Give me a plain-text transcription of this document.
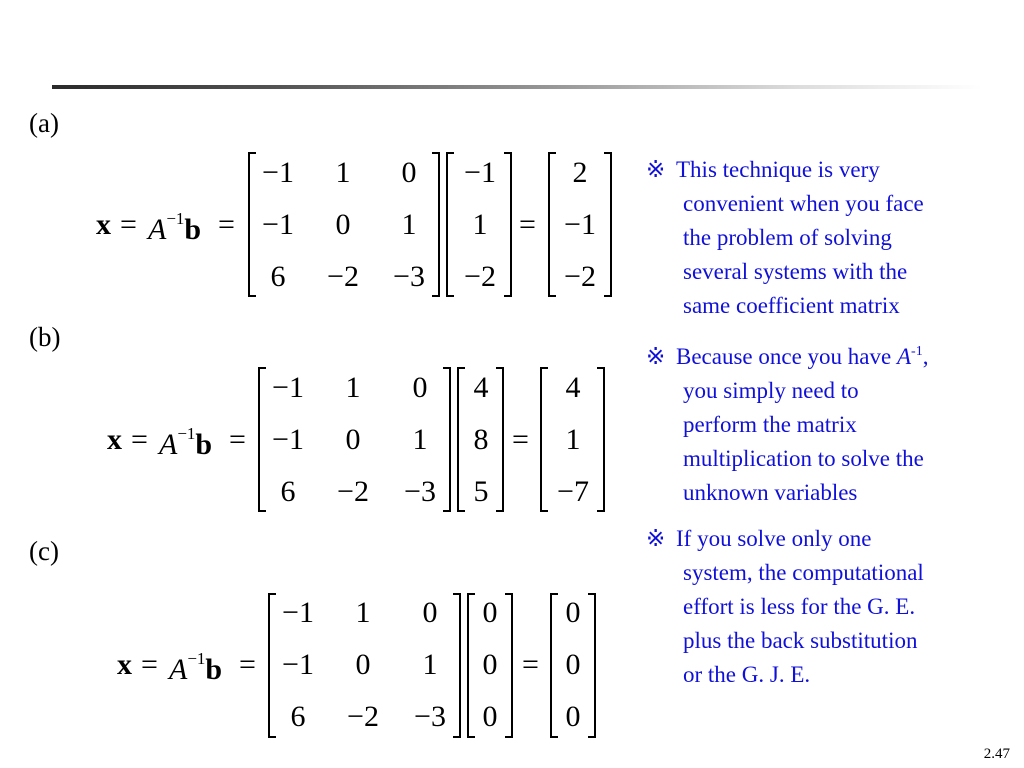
(a)
$x = A^{-1}b$ =
−1	1	0
−1	0	1
6	−2	−3
−1
1
−2
=
2
−1
−2
(b)
$x = A^{-1}b$ =
−1	1	0
−1	0	1
6	−2	−3
4
8
5
=
4
1
−7
(c)
$x = A^{-1}b$ =
−1	1	0
−1	0	1
6	−2	−3
0
0
0
=
0
0
0
※ This technique is very
convenient when you face
the problem of solving
several systems with the
same coefficient matrix
※ Because once you have $A^{-1}$,
you simply need to
perform the matrix
multiplication to solve the
unknown variables
※ If you solve only one
system, the computational
effort is less for the G. E.
plus the back substitution
or the G. J. E.
2.47
